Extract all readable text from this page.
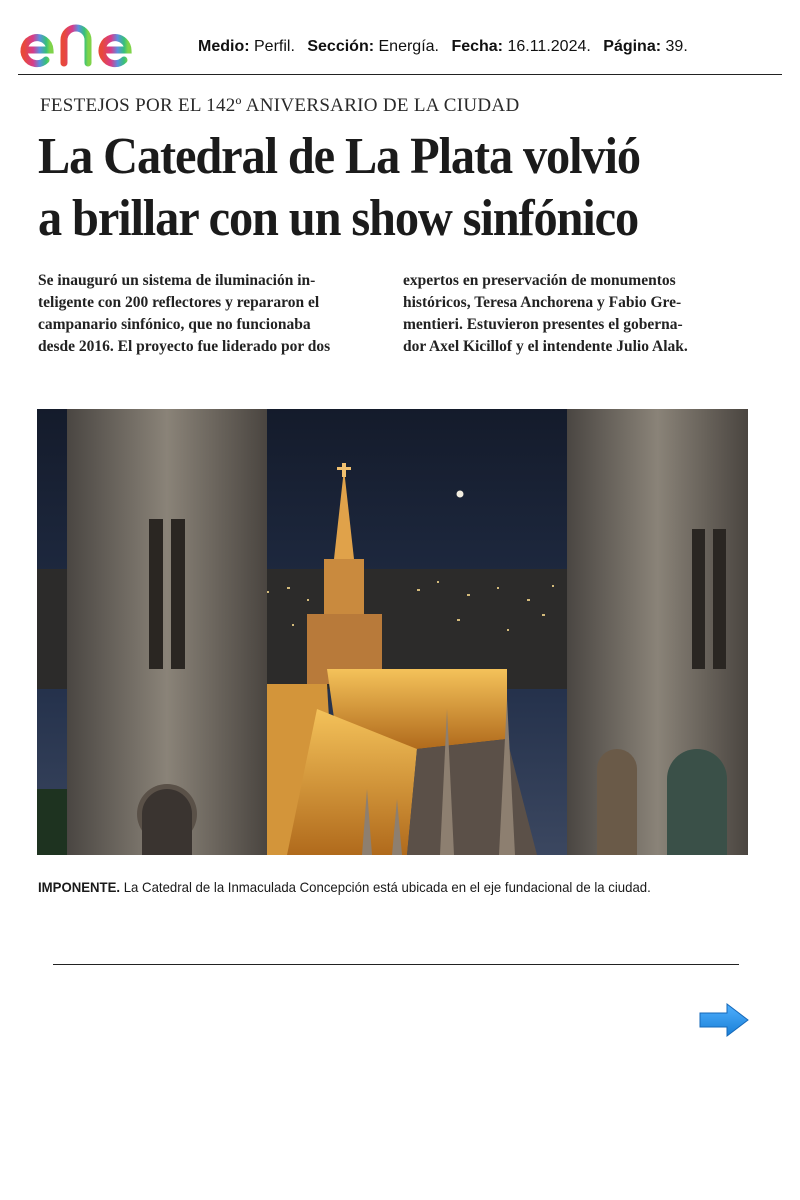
Medio: Perfil. Sección: Energía. Fecha: 16.11.2024. Página: 39.
FESTEJOS POR EL 142º ANIVERSARIO DE LA CIUDAD
La Catedral de La Plata volvió
a brillar con un show sinfónico
Se inauguró un sistema de iluminación in-
teligente con 200 reflectores y repararon el
campanario sinfónico, que no funcionaba
desde 2016. El proyecto fue liderado por dos
expertos en preservación de monumentos
históricos, Teresa Anchorena y Fabio Gre-
mentieri. Estuvieron presentes el goberna-
dor Axel Kicillof y el intendente Julio Alak.
IMPONENTE. La Catedral de la Inmaculada Concepción está ubicada en el eje fundacional de la ciudad.
